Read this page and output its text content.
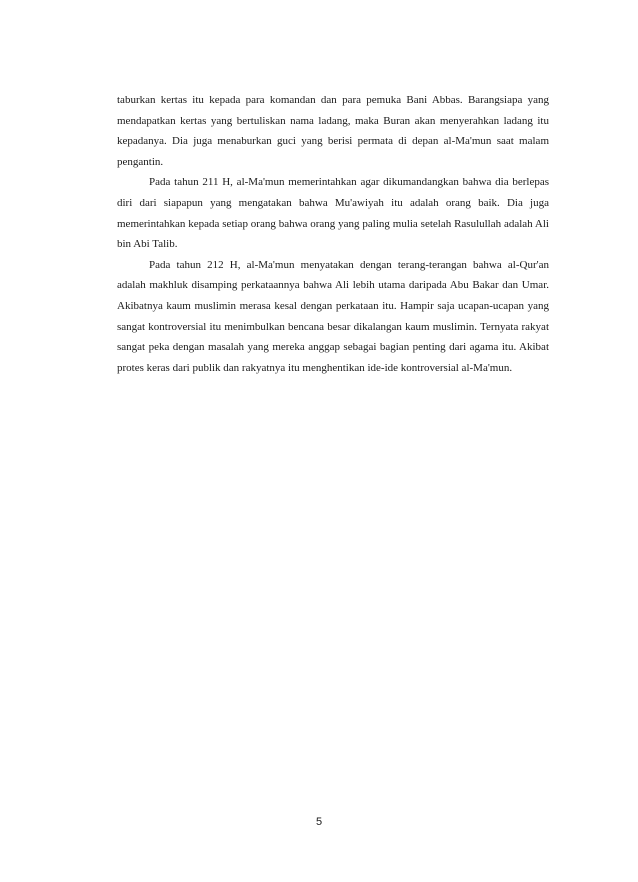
taburkan kertas itu kepada para komandan dan para pemuka Bani Abbas. Barangsiapa yang mendapatkan kertas yang bertuliskan nama ladang, maka Buran akan menyerahkan ladang itu kepadanya. Dia juga menaburkan guci yang berisi permata di depan al-Ma'mun saat malam pengantin.

Pada tahun 211 H, al-Ma'mun memerintahkan agar dikumandangkan bahwa dia berlepas diri dari siapapun yang mengatakan bahwa Mu'awiyah itu adalah orang baik. Dia juga memerintahkan kepada setiap orang bahwa orang yang paling mulia setelah Rasulullah adalah Ali bin Abi Talib.

Pada tahun 212 H, al-Ma'mun menyatakan dengan terang-terangan bahwa al-Qur'an adalah makhluk disamping perkataannya bahwa Ali lebih utama daripada Abu Bakar dan Umar. Akibatnya kaum muslimin merasa kesal dengan perkataan itu. Hampir saja ucapan-ucapan yang sangat kontroversial itu menimbulkan bencana besar dikalangan kaum muslimin. Ternyata rakyat sangat peka dengan masalah yang mereka anggap sebagai bagian penting dari agama itu. Akibat protes keras dari publik dan rakyatnya itu menghentikan ide-ide kontroversial al-Ma'mun.

5
